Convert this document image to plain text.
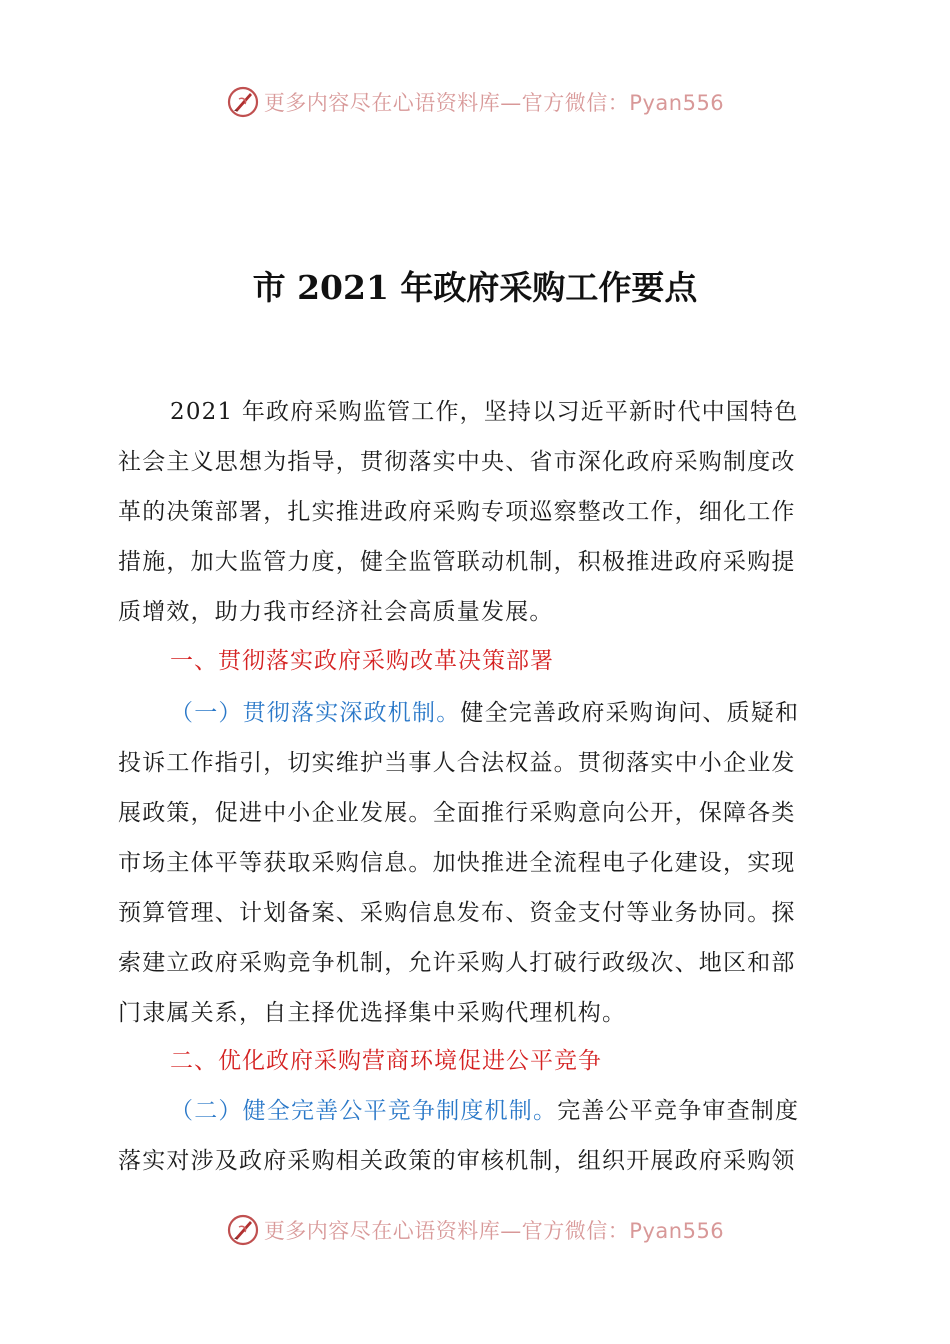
更多内容尽在心语资料库—官方微信：Pyan556
市 2021 年政府采购工作要点
2021 年政府采购监管工作，坚持以习近平新时代中国特色
社会主义思想为指导，贯彻落实中央、省市深化政府采购制度改
革的决策部署，扎实推进政府采购专项巡察整改工作，细化工作
措施，加大监管力度，健全监管联动机制，积极推进政府采购提
质增效，助力我市经济社会高质量发展。
一、贯彻落实政府采购改革决策部署
（一）贯彻落实深政机制。健全完善政府采购询问、质疑和
投诉工作指引，切实维护当事人合法权益。贯彻落实中小企业发
展政策，促进中小企业发展。全面推行采购意向公开，保障各类
市场主体平等获取采购信息。加快推进全流程电子化建设，实现
预算管理、计划备案、采购信息发布、资金支付等业务协同。探
索建立政府采购竞争机制，允许采购人打破行政级次、地区和部
门隶属关系，自主择优选择集中采购代理机构。
二、优化政府采购营商环境促进公平竞争
（二）健全完善公平竞争制度机制。完善公平竞争审查制度
落实对涉及政府采购相关政策的审核机制，组织开展政府采购领
更多内容尽在心语资料库—官方微信：Pyan556
